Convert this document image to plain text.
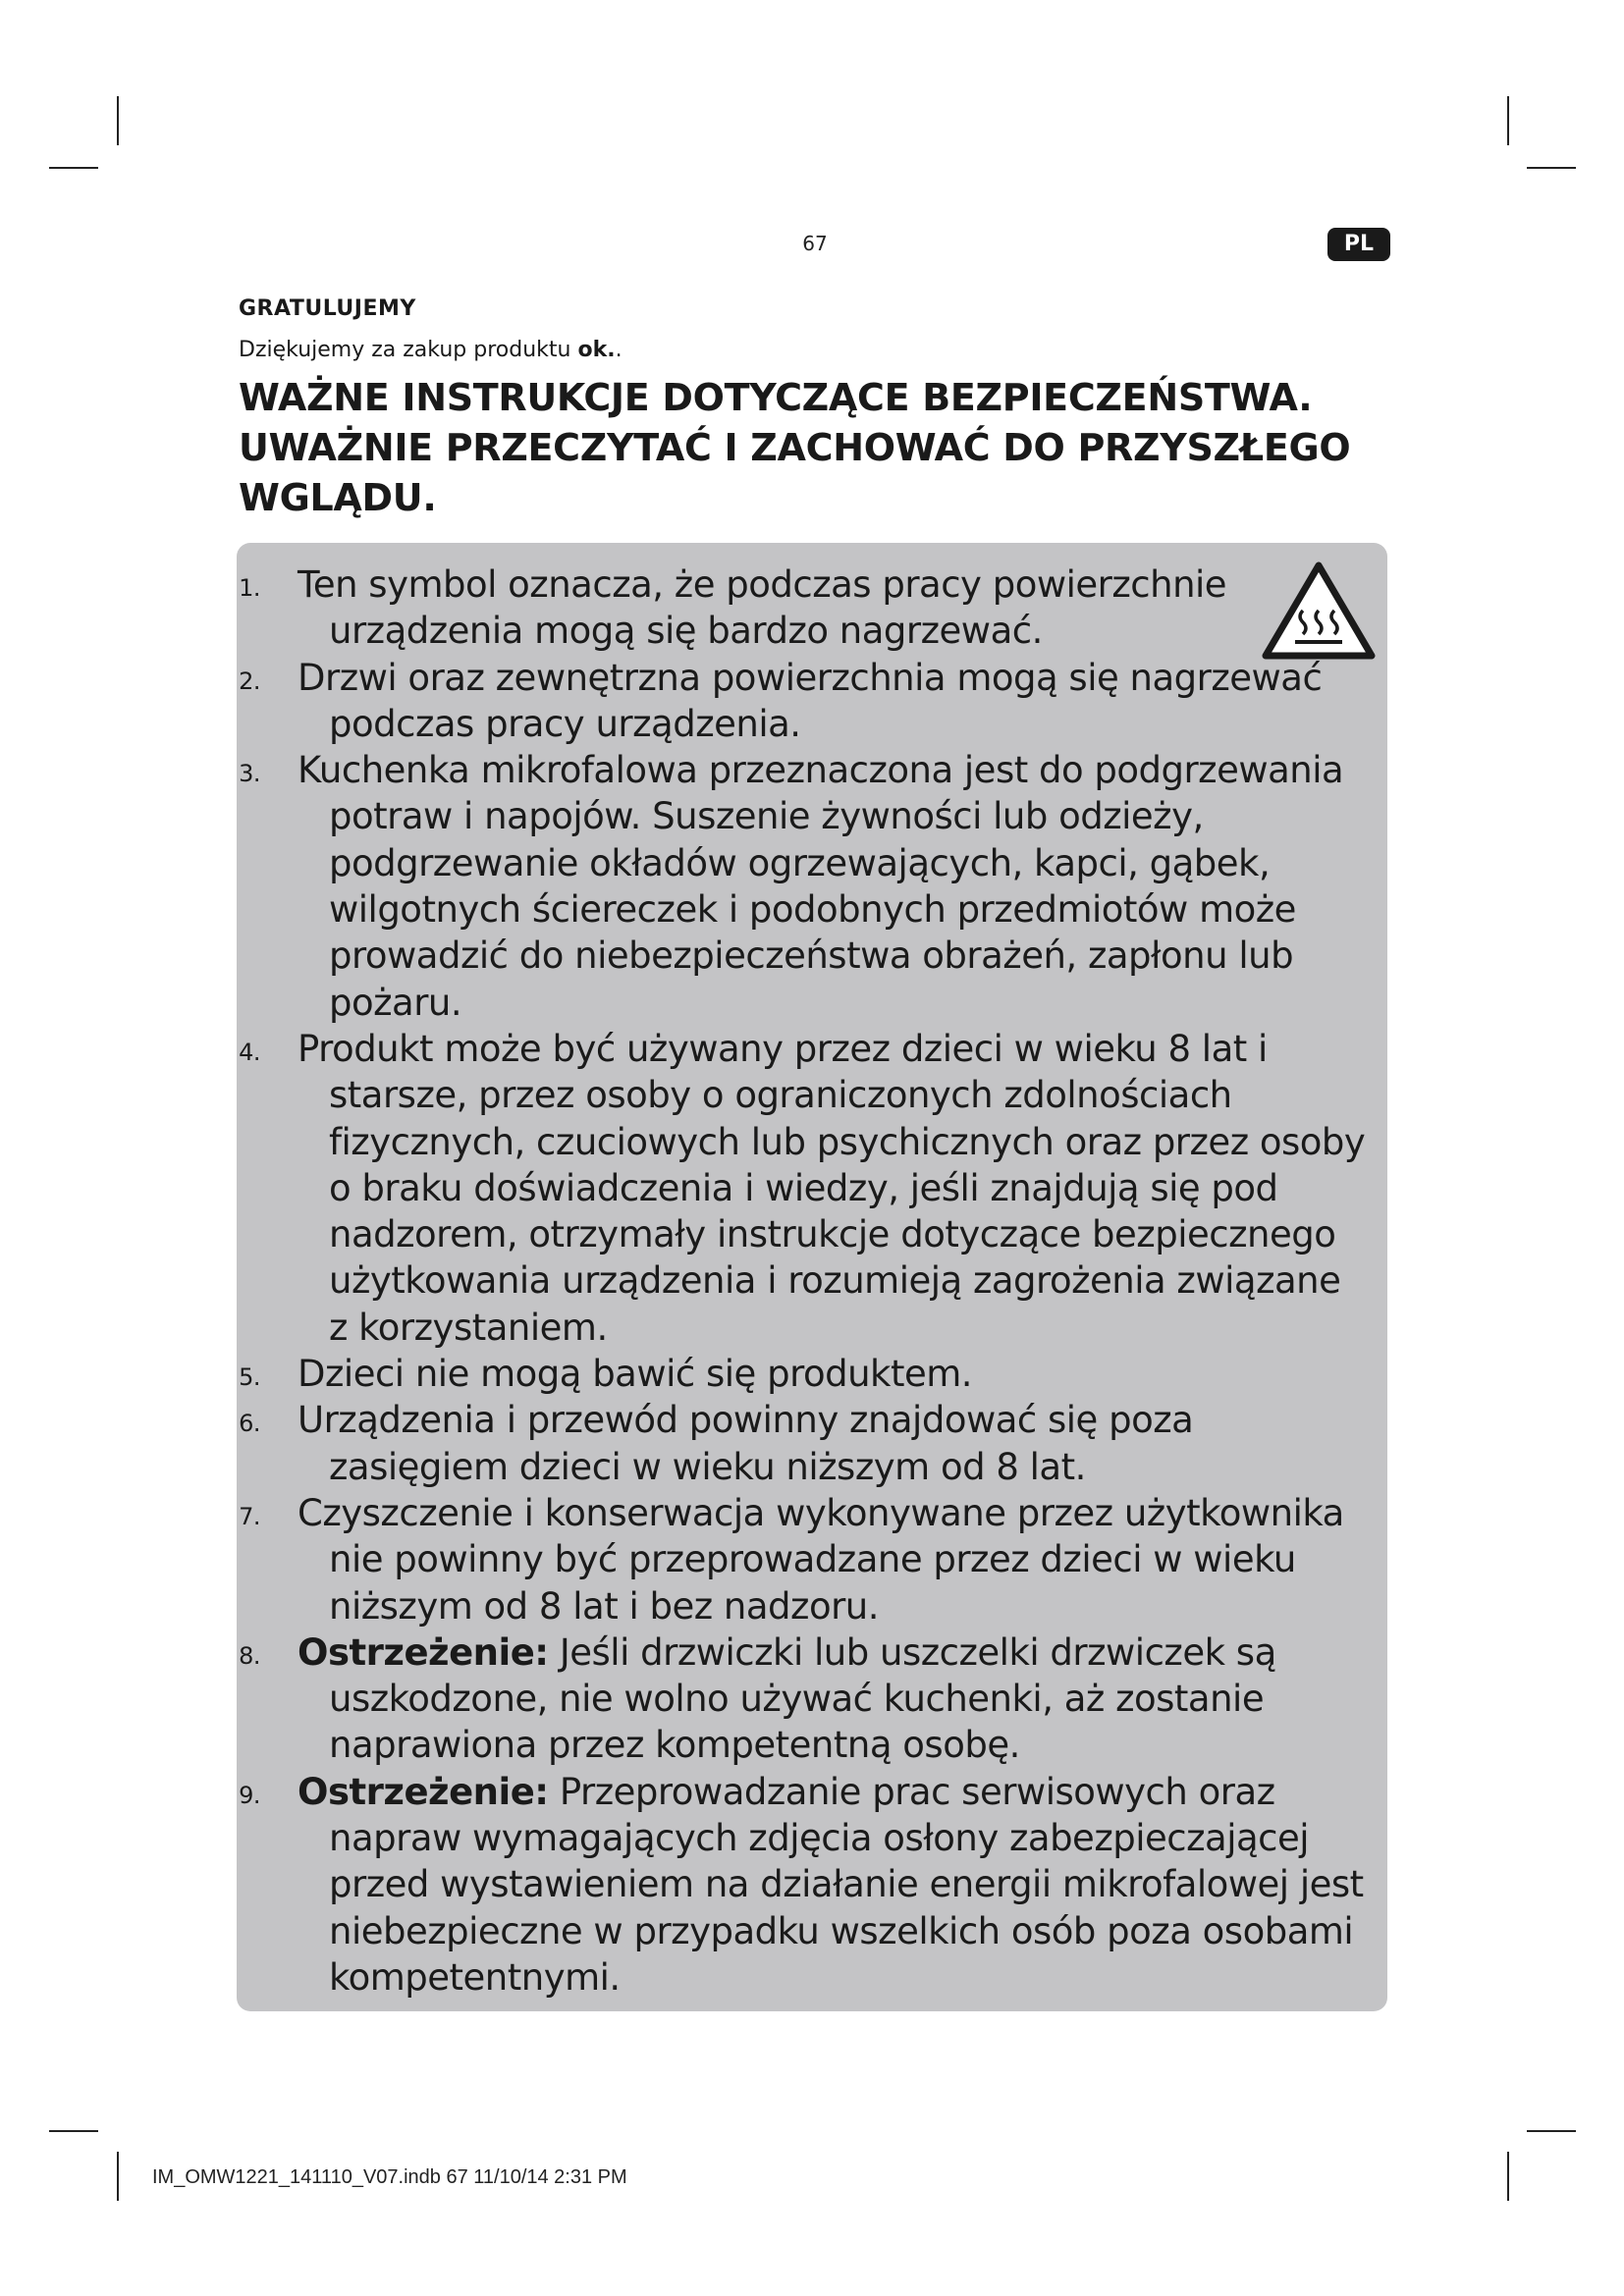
67	PL
GRATULUJEMY
Dziękujemy za zakup produktu ok..
WAŻNE INSTRUKCJE DOTYCZĄCE BEZPIECZEŃSTWA. UWAŻNIE PRZECZYTAĆ I ZACHOWAĆ DO PRZYSZŁEGO WGLĄDU.
1. Ten symbol oznacza, że podczas pracy powierzchnie urządzenia mogą się bardzo nagrzewać.
2. Drzwi oraz zewnętrzna powierzchnia mogą się nagrzewać podczas pracy urządzenia.
3. Kuchenka mikrofalowa przeznaczona jest do podgrzewania potraw i napojów. Suszenie żywności lub odzieży, podgrzewanie okładów ogrzewających, kapci, gąbek, wilgotnych ściereczek i podobnych przedmiotów może prowadzić do niebezpieczeństwa obrażeń, zapłonu lub pożaru.
4. Produkt może być używany przez dzieci w wieku 8 lat i starsze, przez osoby o ograniczonych zdolnościach fizycznych, czuciowych lub psychicznych oraz przez osoby o braku doświadczenia i wiedzy, jeśli znajdują się pod nadzorem, otrzymały instrukcje dotyczące bezpiecznego użytkowania urządzenia i rozumieją zagrożenia związane z korzystaniem.
5. Dzieci nie mogą bawić się produktem.
6. Urządzenia i przewód powinny znajdować się poza zasięgiem dzieci w wieku niższym od 8 lat.
7. Czyszczenie i konserwacja wykonywane przez użytkownika nie powinny być przeprowadzane przez dzieci w wieku niższym od 8 lat i bez nadzoru.
8. Ostrzeżenie: Jeśli drzwiczki lub uszczelki drzwiczek są uszkodzone, nie wolno używać kuchenki, aż zostanie naprawiona przez kompetentną osobę.
9. Ostrzeżenie: Przeprowadzanie prac serwisowych oraz napraw wymagających zdjęcia osłony zabezpieczającej przed wystawieniem na działanie energii mikrofalowej jest niebezpieczne w przypadku wszelkich osób poza osobami kompetentnymi.
IM_OMW1221_141110_V07.indb 67 11/10/14 2:31 PM
